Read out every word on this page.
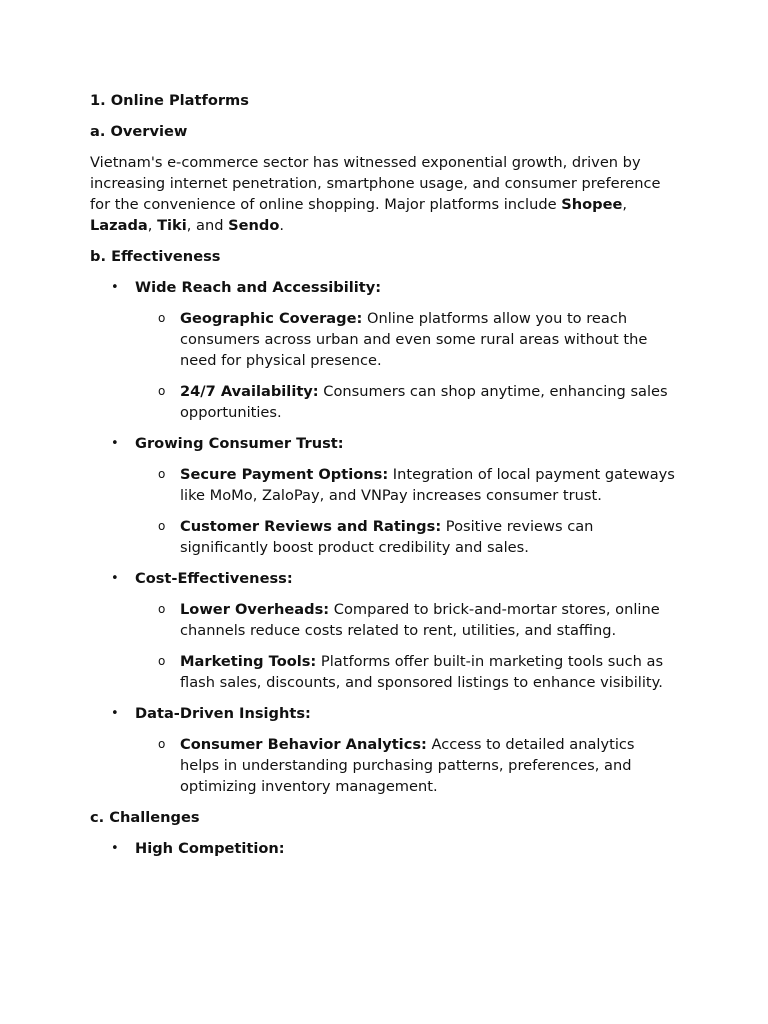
1. Online Platforms
a. Overview

Vietnam's e-commerce sector has witnessed exponential growth, driven by increasing internet penetration, smartphone usage, and consumer preference for the convenience of online shopping. Major platforms include Shopee, Lazada, Tiki, and Sendo.

b. Effectiveness
• Wide Reach and Accessibility:
o Geographic Coverage: Online platforms allow you to reach consumers across urban and even some rural areas without the need for physical presence.
o 24/7 Availability: Consumers can shop anytime, enhancing sales opportunities.
• Growing Consumer Trust:
o Secure Payment Options: Integration of local payment gateways like MoMo, ZaloPay, and VNPay increases consumer trust.
o Customer Reviews and Ratings: Positive reviews can significantly boost product credibility and sales.
• Cost-Effectiveness:
o Lower Overheads: Compared to brick-and-mortar stores, online channels reduce costs related to rent, utilities, and staffing.
o Marketing Tools: Platforms offer built-in marketing tools such as flash sales, discounts, and sponsored listings to enhance visibility.
• Data-Driven Insights:
o Consumer Behavior Analytics: Access to detailed analytics helps in understanding purchasing patterns, preferences, and optimizing inventory management.
c. Challenges
• High Competition:
